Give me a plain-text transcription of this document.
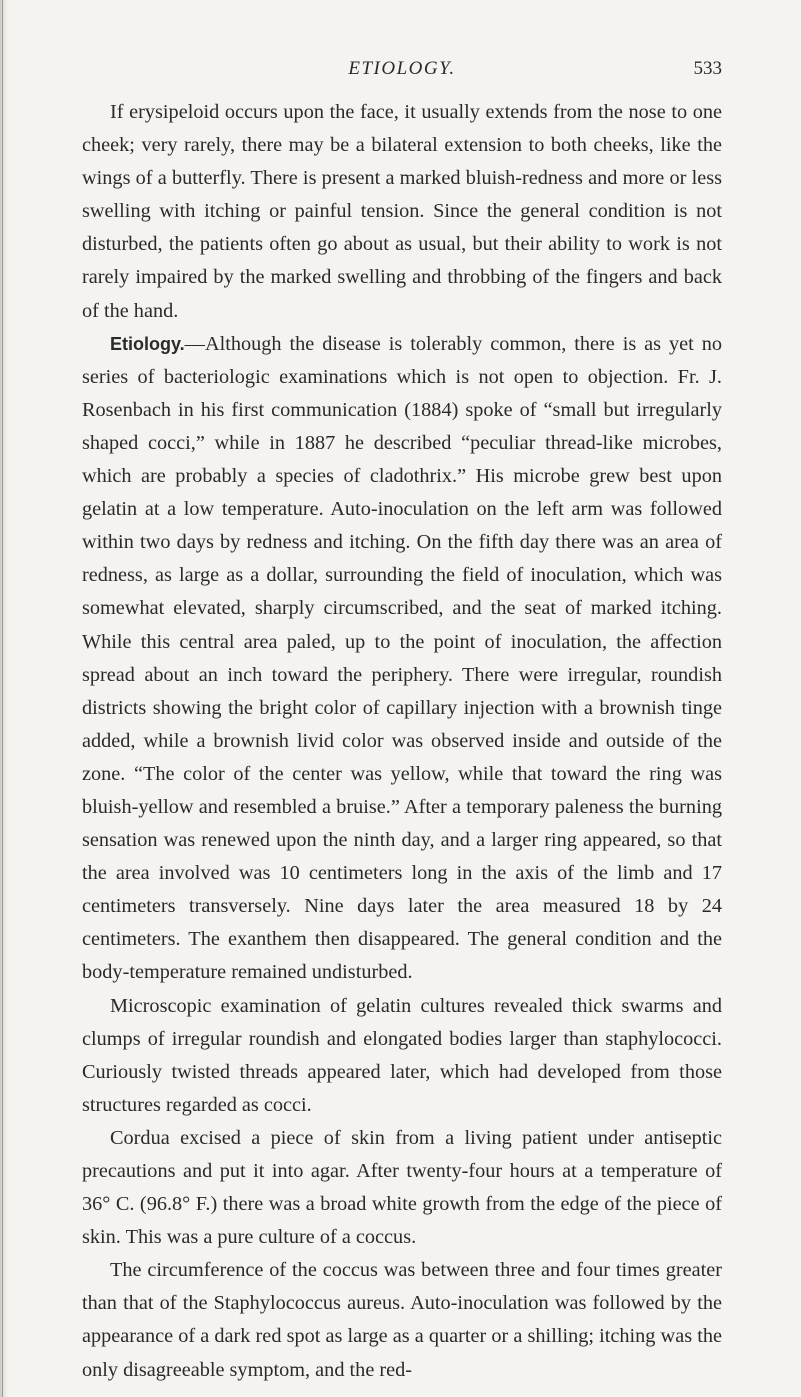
ETIOLOGY.	533

If erysipeloid occurs upon the face, it usually extends from the nose to one cheek; very rarely, there may be a bilateral extension to both cheeks, like the wings of a butterfly. There is present a marked bluish-redness and more or less swelling with itching or painful tension. Since the general condition is not disturbed, the patients often go about as usual, but their ability to work is not rarely impaired by the marked swelling and throbbing of the fingers and back of the hand.

Etiology.—Although the disease is tolerably common, there is as yet no series of bacteriologic examinations which is not open to objection. Fr. J. Rosenbach in his first communication (1884) spoke of “small but irregularly shaped cocci,” while in 1887 he described “peculiar thread-like microbes, which are probably a species of cladothrix.” His microbe grew best upon gelatin at a low temperature. Auto-inoculation on the left arm was followed within two days by redness and itching. On the fifth day there was an area of redness, as large as a dollar, surrounding the field of inoculation, which was somewhat elevated, sharply circumscribed, and the seat of marked itching. While this central area paled, up to the point of inoculation, the affection spread about an inch toward the periphery. There were irregular, roundish districts showing the bright color of capillary injection with a brownish tinge added, while a brownish livid color was observed inside and outside of the zone. “The color of the center was yellow, while that toward the ring was bluish-yellow and resembled a bruise.” After a temporary paleness the burning sensation was renewed upon the ninth day, and a larger ring appeared, so that the area involved was 10 centimeters long in the axis of the limb and 17 centimeters transversely. Nine days later the area measured 18 by 24 centimeters. The exanthem then disappeared. The general condition and the body-temperature remained undisturbed.

Microscopic examination of gelatin cultures revealed thick swarms and clumps of irregular roundish and elongated bodies larger than staphylococci. Curiously twisted threads appeared later, which had developed from those structures regarded as cocci.

Cordua excised a piece of skin from a living patient under antiseptic precautions and put it into agar. After twenty-four hours at a temperature of 36° C. (96.8° F.) there was a broad white growth from the edge of the piece of skin. This was a pure culture of a coccus.

The circumference of the coccus was between three and four times greater than that of the Staphylococcus aureus. Auto-inoculation was followed by the appearance of a dark red spot as large as a quarter or a shilling; itching was the only disagreeable symptom, and the red-
